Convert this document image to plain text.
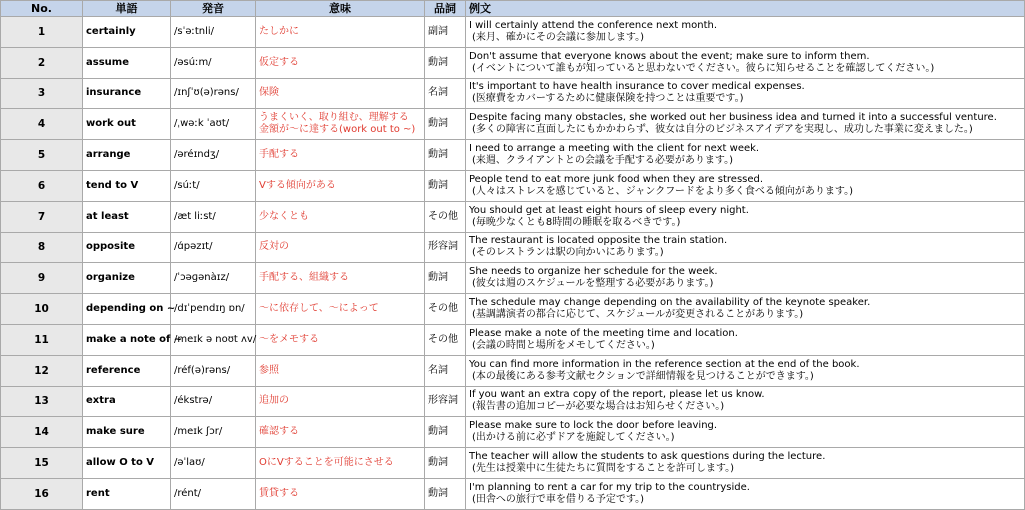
No.	単語	発音	意味	品詞	例文
1	certainly	/sˈəːtnli/	たしかに	副詞	I will certainly attend the conference next month.
(来月、確かにその会議に参加します。)

2	assume	/əsúːm/	仮定する	動詞	Don't assume that everyone knows about the event; make sure to inform them.
(イベントについて誰もが知っていると思わないでください。彼らに知らせることを確認してください。)

3	insurance	/ɪnʃˈʊ(ə)rəns/	保険	名詞	It's important to have health insurance to cover medical expenses.
(医療費をカバーするために健康保険を持つことは重要です。)

4	work out	/ˌwəːk ˈaʊt/	うまくいく、取り組む、理解する
金額が〜に達する(work out to ~)	動詞	Despite facing many obstacles, she worked out her business idea and turned it into a successful venture.
(多くの障害に直面したにもかかわらず、彼女は自分のビジネスアイデアを実現し、成功した事業に変えました。)

5	arrange	/əréɪndʒ/	手配する	動詞	I need to arrange a meeting with the client for next week.
(来週、クライアントとの会議を手配する必要があります。)

6	tend to V	/súːt/	Vする傾向がある	動詞	People tend to eat more junk food when they are stressed.
(人々はストレスを感じていると、ジャンクフードをより多く食べる傾向があります。)

7	at least	/æt liːst/	少なくとも	その他	You should get at least eight hours of sleep every night.
(毎晩少なくとも8時間の睡眠を取るべきです。)

8	opposite	/ɑ́pəzɪt/	反対の	形容詞	The restaurant is located opposite the train station.
(そのレストランは駅の向かいにあります。)

9	organize	/ˈɔəɡənàɪz/	手配する、組織する	動詞	She needs to organize her schedule for the week.
(彼女は週のスケジュールを整理する必要があります。)

10	depending on ~	/dɪˈpendɪŋ ɒn/	〜に依存して、〜によって	その他	The schedule may change depending on the availability of the keynote speaker.
(基調講演者の都合に応じて、スケジュールが変更されることがあります。)

11	make a note of ~	/meɪk ə noʊt ʌv/	〜をメモする	その他	Please make a note of the meeting time and location.
(会議の時間と場所をメモしてください。)

12	reference	/réf(ə)rəns/	参照	名詞	You can find more information in the reference section at the end of the book.
(本の最後にある参考文献セクションで詳細情報を見つけることができます。)

13	extra	/ékstrə/	追加の	形容詞	If you want an extra copy of the report, please let us know.
(報告書の追加コピーが必要な場合はお知らせください。)

14	make sure	/meɪk ʃɔr/	確認する	動詞	Please make sure to lock the door before leaving.
(出かける前に必ずドアを施錠してください。)

15	allow O to V	/əˈlaʊ/	OにVすることを可能にさせる	動詞	The teacher will allow the students to ask questions during the lecture.
(先生は授業中に生徒たちに質問をすることを許可します。)

16	rent	/rént/	賃貸する	動詞	I'm planning to rent a car for my trip to the countryside.
(田舎への旅行で車を借りる予定です。)
